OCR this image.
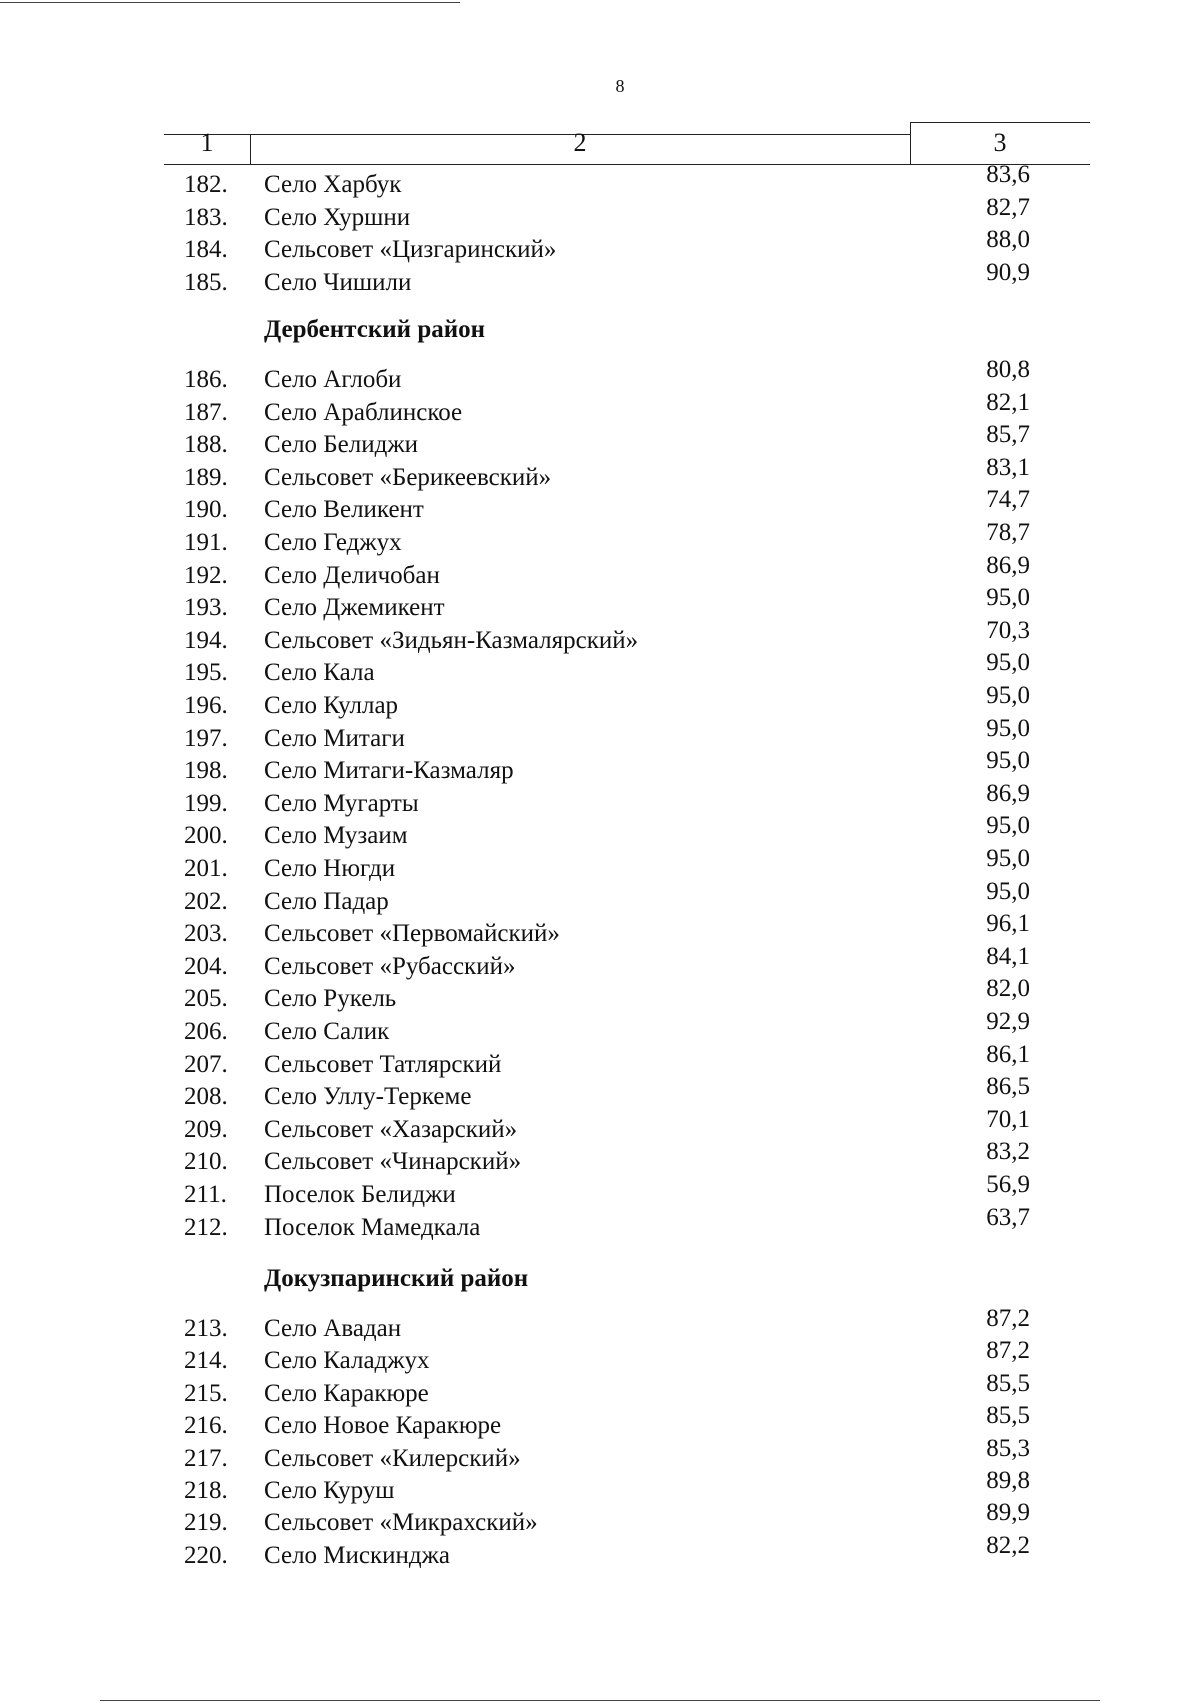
8
1	2	3
182.	Село Харбук	83,6
183.	Село Хуршни	82,7
184.	Сельсовет «Цизгаринский»	88,0
185.	Село Чишили	90,9
Дербентский район
186.	Село Аглоби	80,8
187.	Село Араблинское	82,1
188.	Село Белиджи	85,7
189.	Сельсовет «Берикеевский»	83,1
190.	Село Великент	74,7
191.	Село Геджух	78,7
192.	Село Деличобан	86,9
193.	Село Джемикент	95,0
194.	Сельсовет «Зидьян-Казмалярский»	70,3
195.	Село Кала	95,0
196.	Село Куллар	95,0
197.	Село Митаги	95,0
198.	Село Митаги-Казмаляр	95,0
199.	Село Мугарты	86,9
200.	Село Музаим	95,0
201.	Село Нюгди	95,0
202.	Село Падар	95,0
203.	Сельсовет «Первомайский»	96,1
204.	Сельсовет «Рубасский»	84,1
205.	Село Рукель	82,0
206.	Село Салик	92,9
207.	Сельсовет Татлярский	86,1
208.	Село Уллу-Теркеме	86,5
209.	Сельсовет «Хазарский»	70,1
210.	Сельсовет «Чинарский»	83,2
211.	Поселок Белиджи	56,9
212.	Поселок Мамедкала	63,7
Докузпаринский район
213.	Село Авадан	87,2
214.	Село Каладжух	87,2
215.	Село Каракюре	85,5
216.	Село Новое Каракюре	85,5
217.	Сельсовет «Килерский»	85,3
218.	Село Куруш	89,8
219.	Сельсовет «Микрахский»	89,9
220.	Село Мискинджа	82,2
